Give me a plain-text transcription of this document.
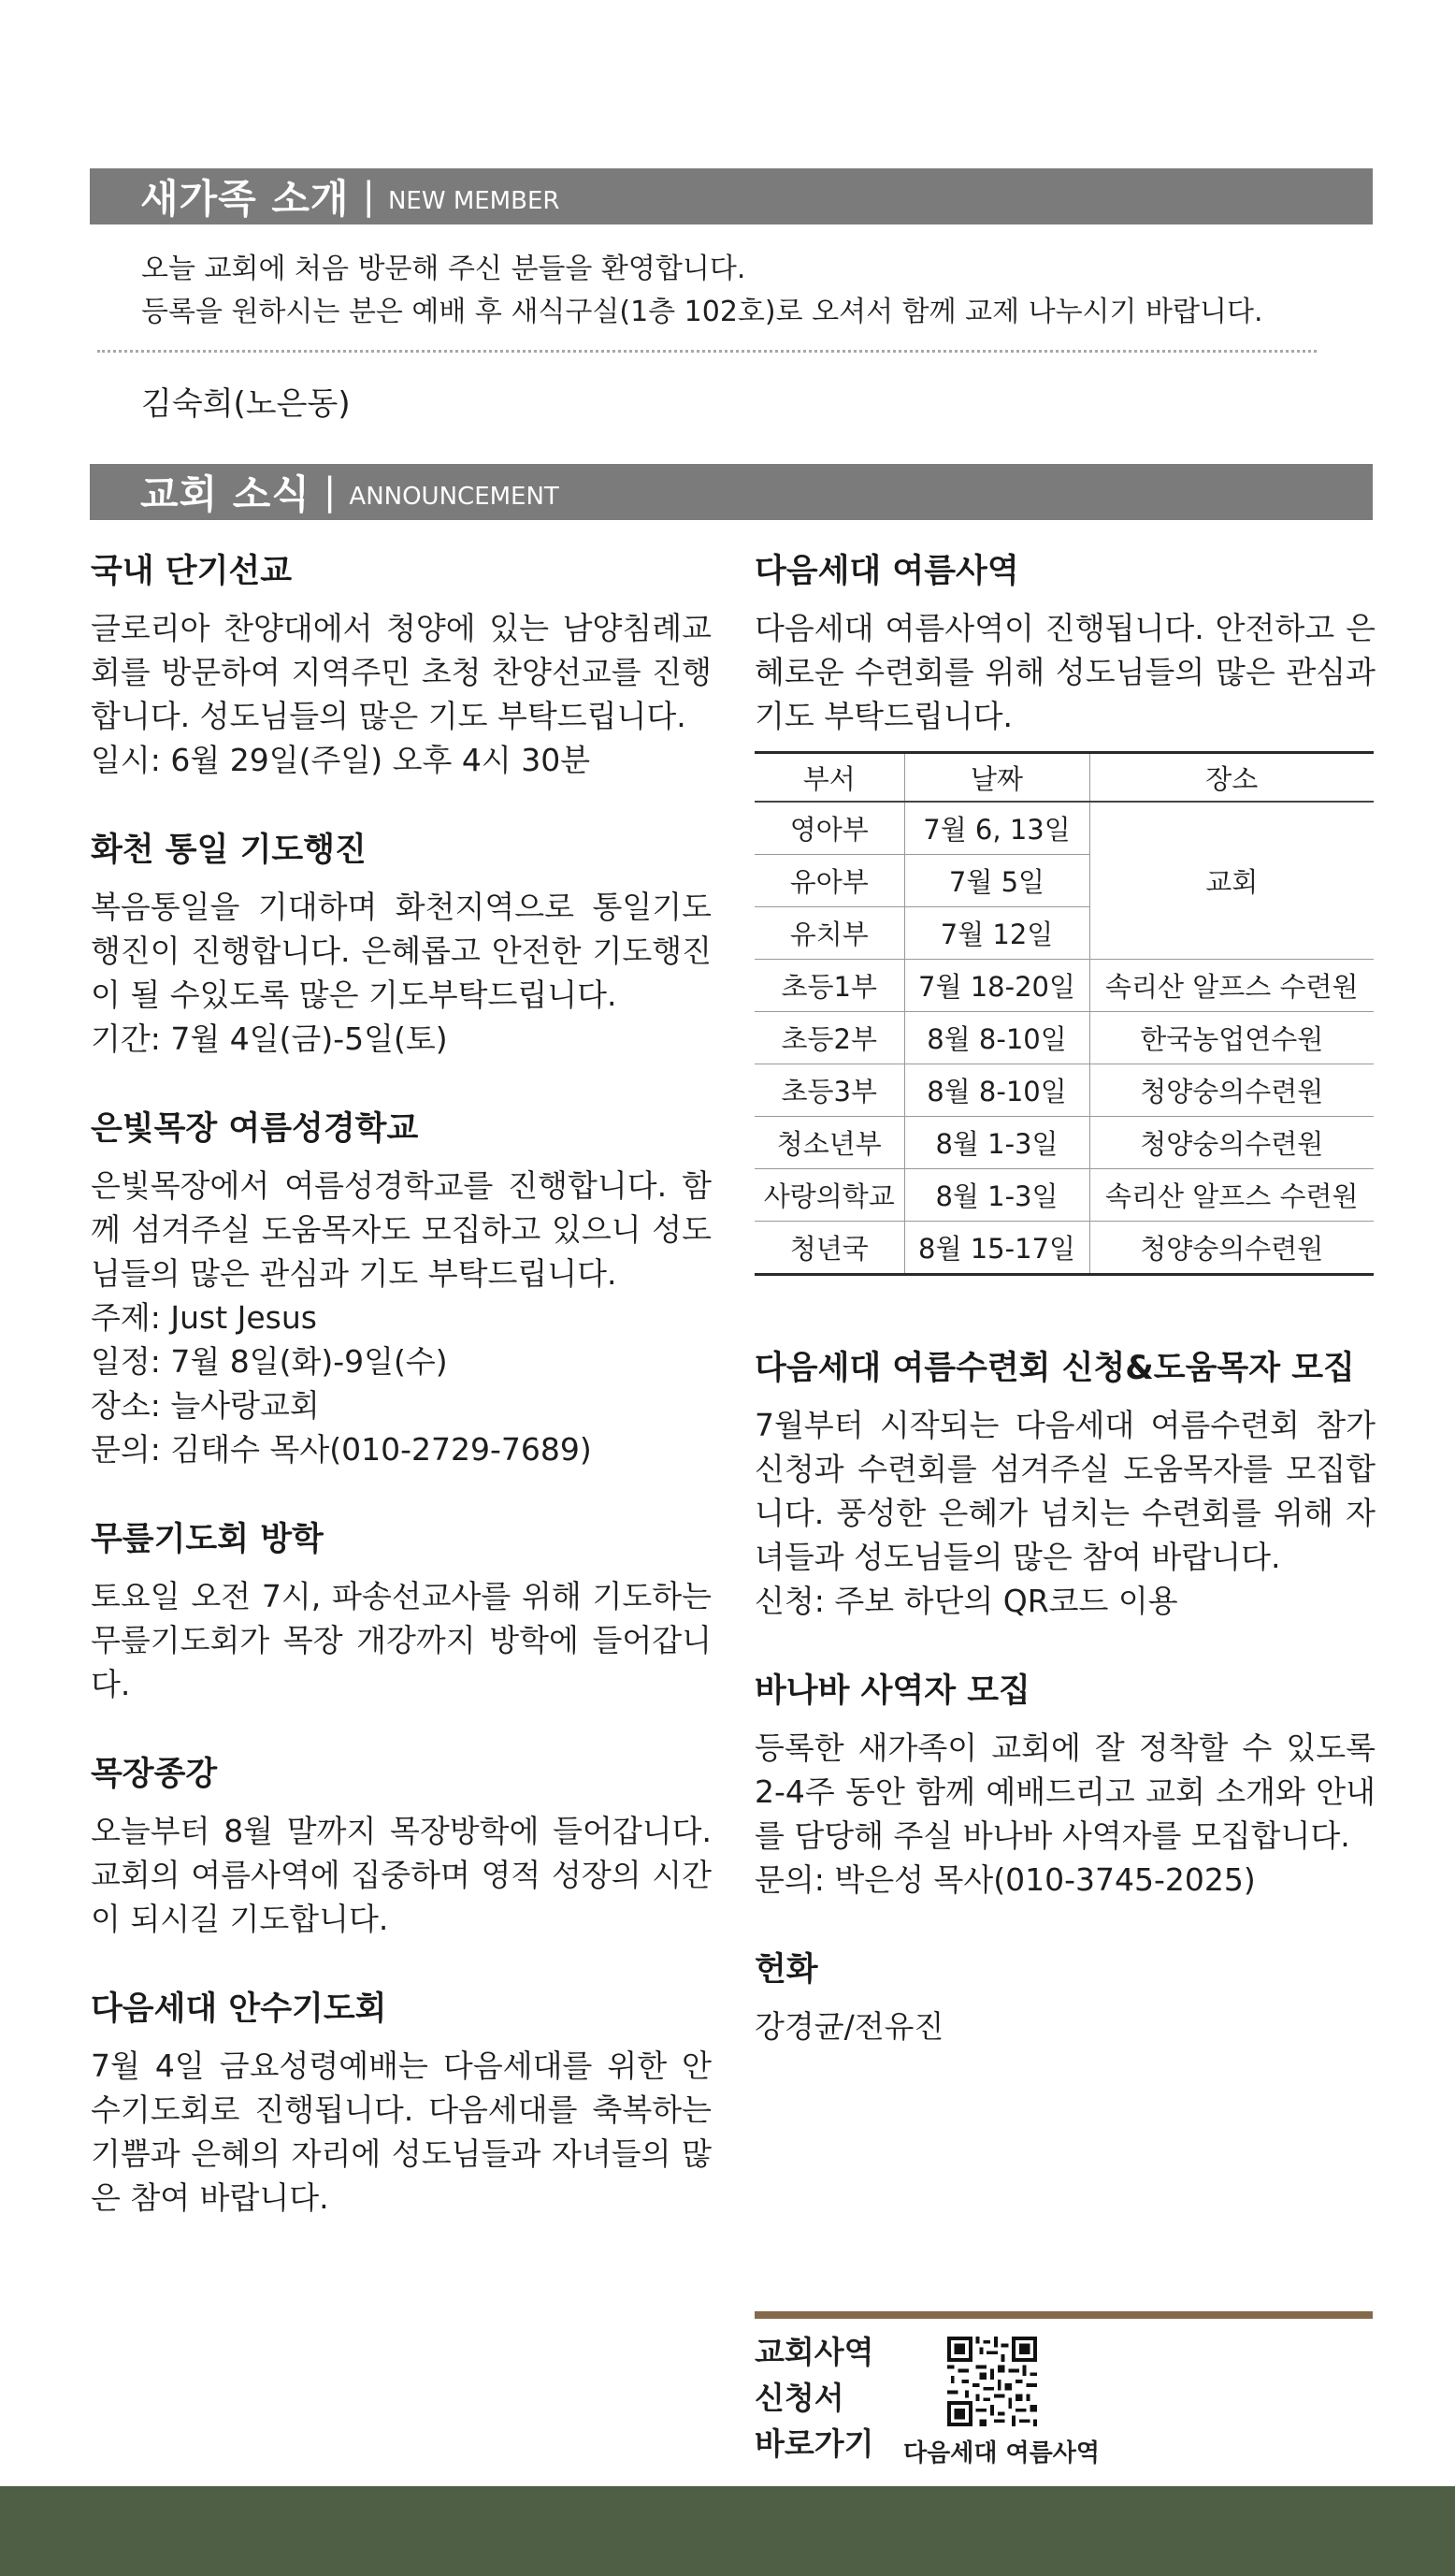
새가족 소개 | NEW MEMBER
오늘 교회에 처음 방문해 주신 분들을 환영합니다.
등록을 원하시는 분은 예배 후 새식구실(1층 102호)로 오셔서 함께 교제 나누시기 바랍니다.
김숙희(노은동)
교회 소식 | ANNOUNCEMENT
국내 단기선교
글로리아 찬양대에서 청양에 있는 남양침례교회를 방문하여 지역주민 초청 찬양선교를 진행합니다. 성도님들의 많은 기도 부탁드립니다.
일시: 6월 29일(주일) 오후 4시 30분
화천 통일 기도행진
복음통일을 기대하며 화천지역으로 통일기도행진이 진행합니다. 은혜롭고 안전한 기도행진이 될 수있도록 많은 기도부탁드립니다.
기간: 7월 4일(금)-5일(토)
은빛목장 여름성경학교
은빛목장에서 여름성경학교를 진행합니다. 함께 섬겨주실 도움목자도 모집하고 있으니 성도님들의 많은 관심과 기도 부탁드립니다.
주제: Just Jesus
일정: 7월 8일(화)-9일(수)
장소: 늘사랑교회
문의: 김태수 목사(010-2729-7689)
무릎기도회 방학
토요일 오전 7시, 파송선교사를 위해 기도하는 무릎기도회가 목장 개강까지 방학에 들어갑니다.
목장종강
오늘부터 8월 말까지 목장방학에 들어갑니다. 교회의 여름사역에 집중하며 영적 성장의 시간이 되시길 기도합니다.
다음세대 안수기도회
7월 4일 금요성령예배는 다음세대를 위한 안수기도회로 진행됩니다. 다음세대를 축복하는 기쁨과 은혜의 자리에 성도님들과 자녀들의 많은 참여 바랍니다.
다음세대 여름사역
다음세대 여름사역이 진행됩니다. 안전하고 은혜로운 수련회를 위해 성도님들의 많은 관심과 기도 부탁드립니다.
부서	날짜	장소
영아부	7월 6, 13일	교회
유아부	7월 5일	
유치부	7월 12일	
초등1부	7월 18-20일	속리산 알프스 수련원
초등2부	8월 8-10일	한국농업연수원
초등3부	8월 8-10일	청양숭의수련원
청소년부	8월 1-3일	청양숭의수련원
사랑의학교	8월 1-3일	속리산 알프스 수련원
청년국	8월 15-17일	청양숭의수련원
다음세대 여름수련회 신청&도움목자 모집
7월부터 시작되는 다음세대 여름수련회 참가신청과 수련회를 섬겨주실 도움목자를 모집합니다. 풍성한 은혜가 넘치는 수련회를 위해 자녀들과 성도님들의 많은 참여 바랍니다.
신청: 주보 하단의 QR코드 이용
바나바 사역자 모집
등록한 새가족이 교회에 잘 정착할 수 있도록 2-4주 동안 함께 예배드리고 교회 소개와 안내를 담당해 주실 바나바 사역자를 모집합니다.
문의: 박은성 목사(010-3745-2025)
헌화
강경균/전유진
교회사역
신청서
바로가기 다음세대 여름사역
